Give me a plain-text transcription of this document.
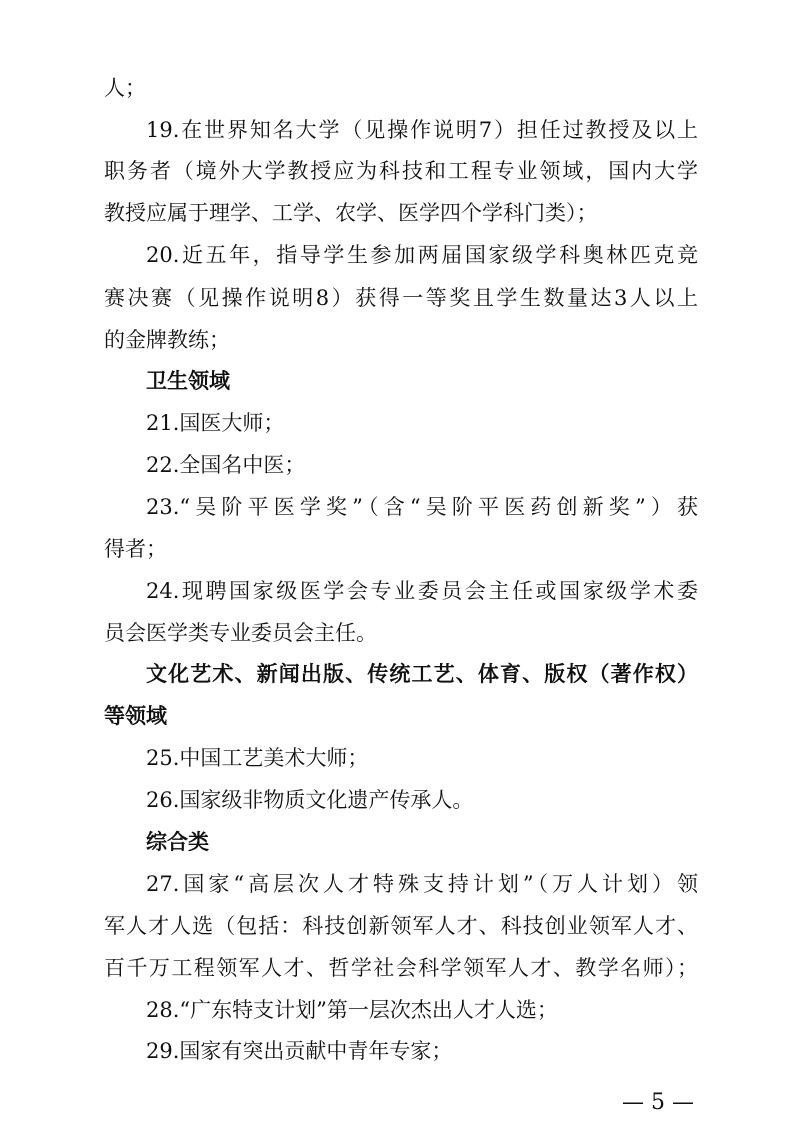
人；
19.在世界知名大学（见操作说明7）担任过教授及以上
职务者（境外大学教授应为科技和工程专业领域，国内大学
教授应属于理学、工学、农学、医学四个学科门类）；
20.近五年，指导学生参加两届国家级学科奥林匹克竞
赛决赛（见操作说明8）获得一等奖且学生数量达3人以上
的金牌教练；
卫生领域
21.国医大师；
22.全国名中医；
23.“吴阶平医学奖”（含“吴阶平医药创新奖”）获
得者；
24.现聘国家级医学会专业委员会主任或国家级学术委
员会医学类专业委员会主任。
文化艺术、新闻出版、传统工艺、体育、版权（著作权）
等领域
25.中国工艺美术大师；
26.国家级非物质文化遗产传承人。
综合类
27.国家“高层次人才特殊支持计划”（万人计划）领
军人才人选（包括：科技创新领军人才、科技创业领军人才、
百千万工程领军人才、哲学社会科学领军人才、教学名师）；
28.“广东特支计划”第一层次杰出人才人选；
29.国家有突出贡献中青年专家；
— 5 —
